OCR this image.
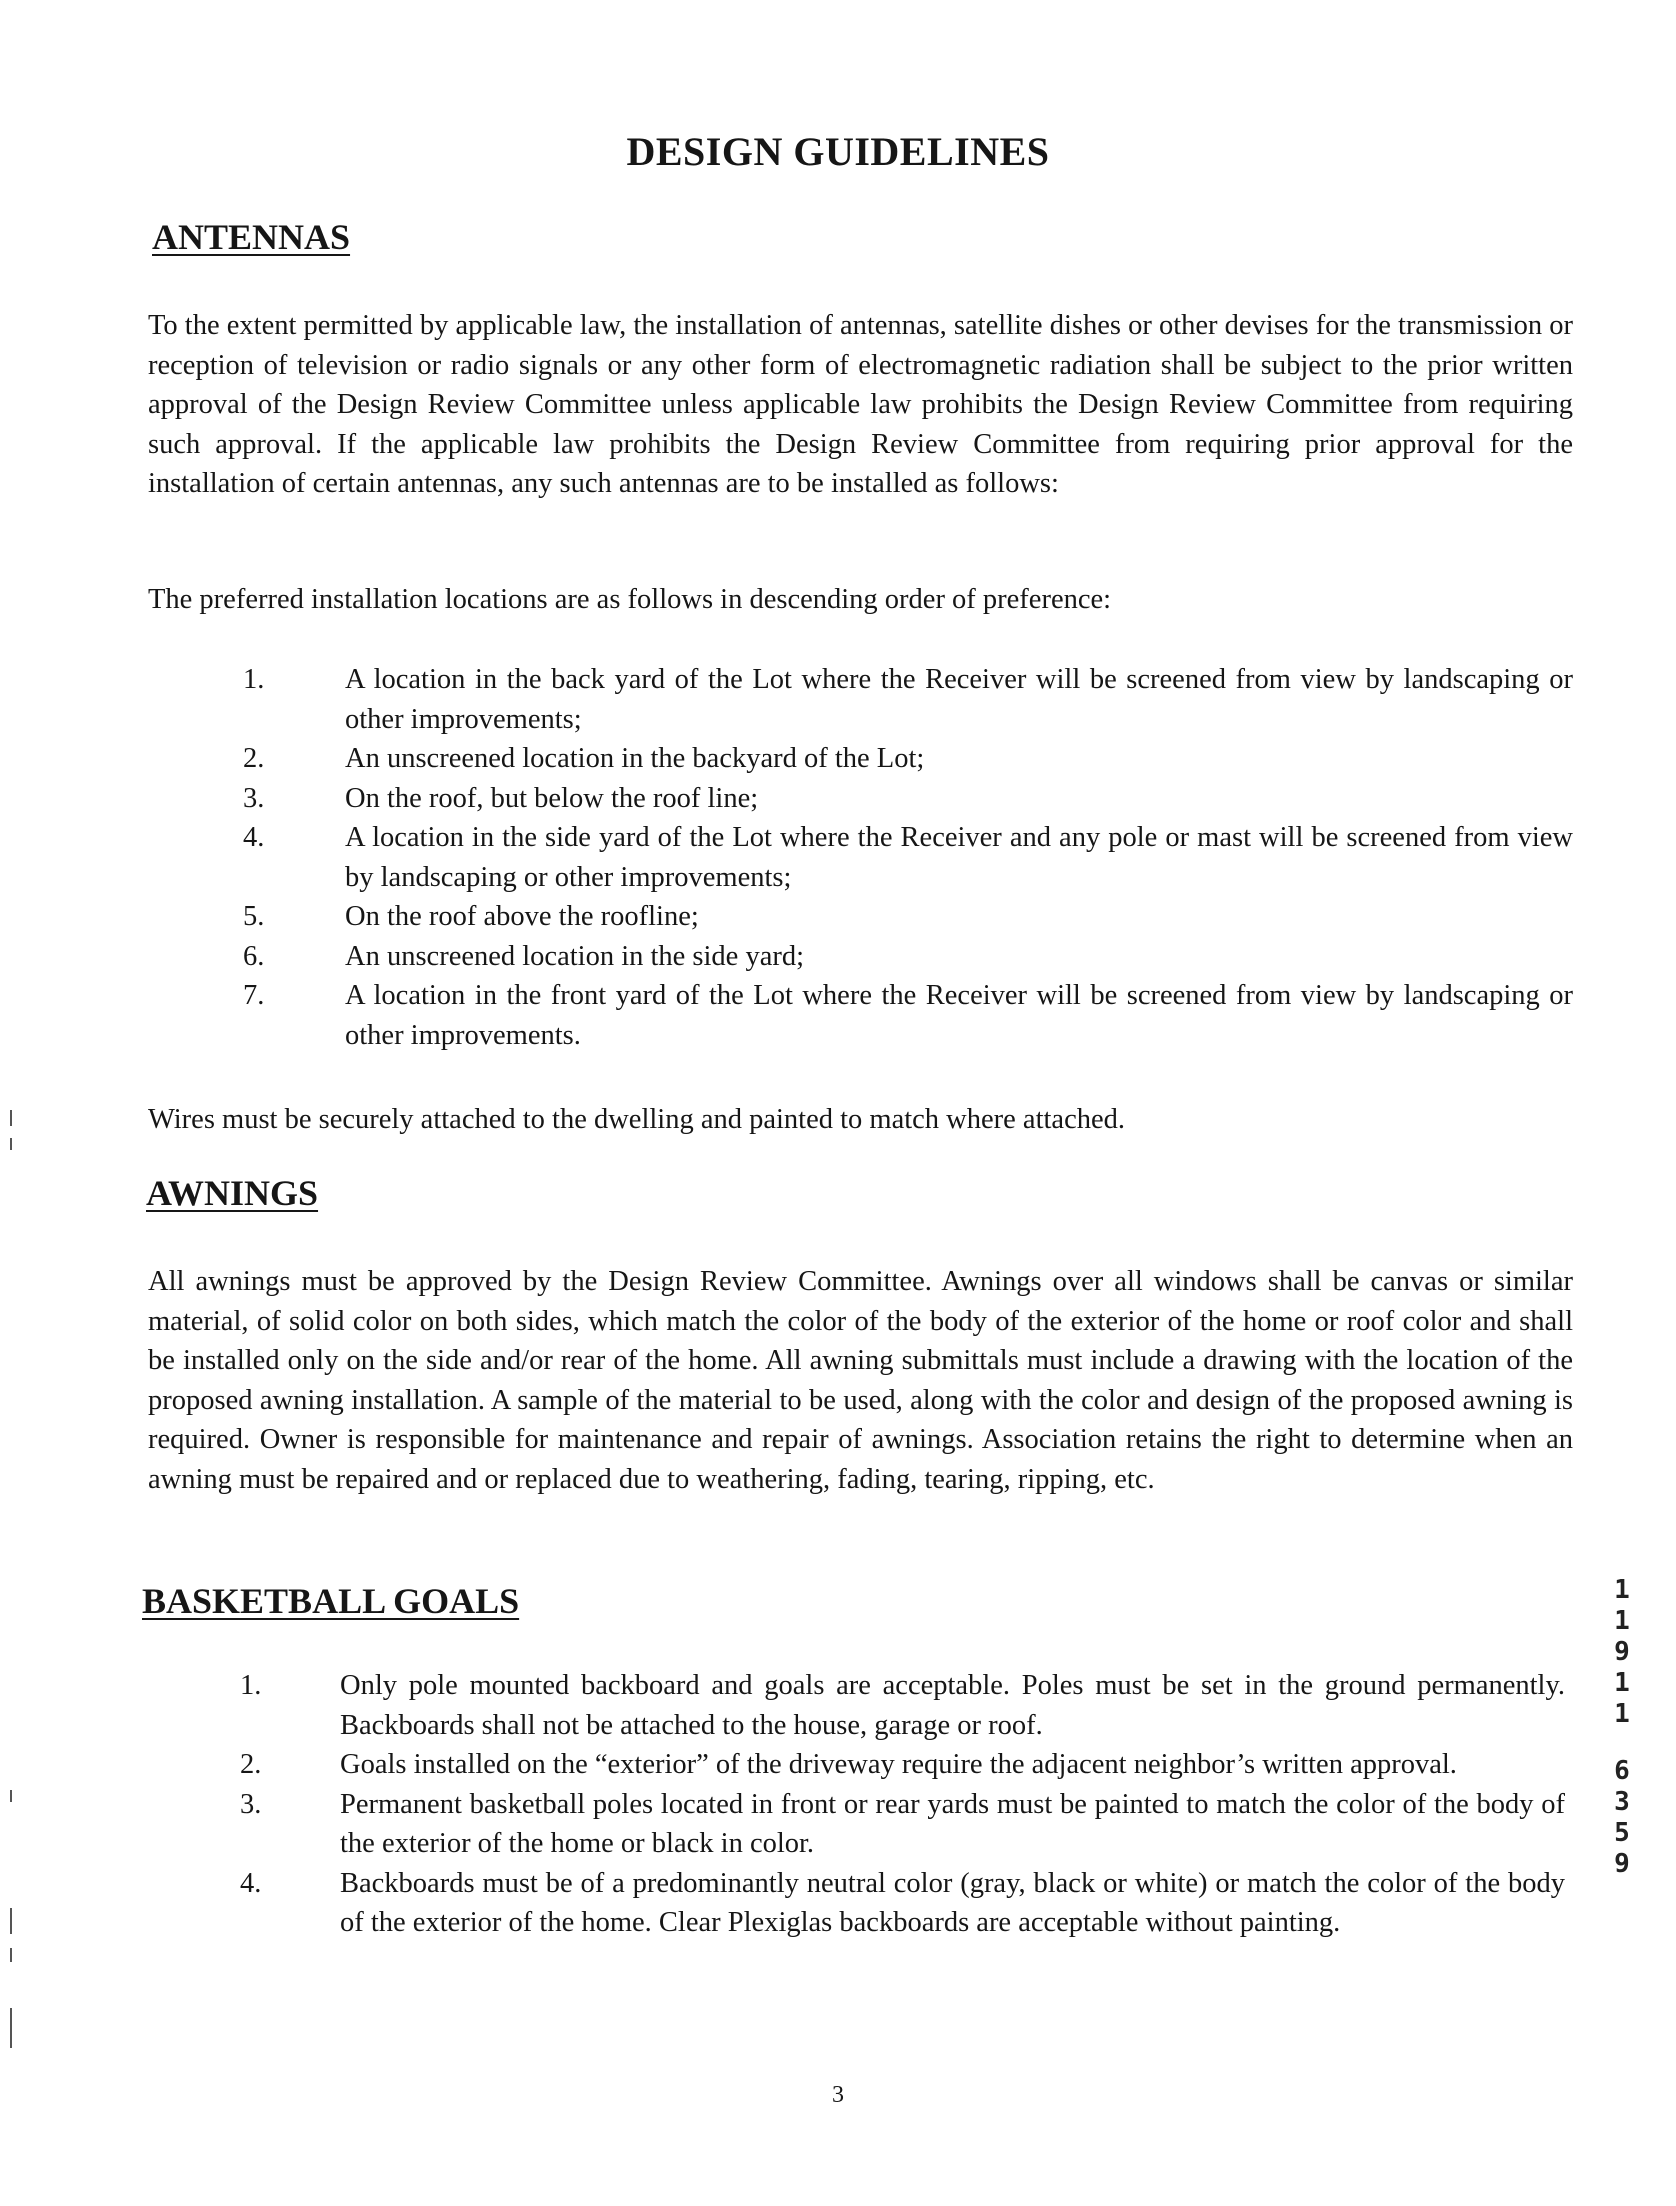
DESIGN GUIDELINES
ANTENNAS

To the extent permitted by applicable law, the installation of antennas, satellite dishes or other devises for the transmission or reception of television or radio signals or any other form of electromagnetic radiation shall be subject to the prior written approval of the Design Review Committee unless applicable law prohibits the Design Review Committee from requiring such approval. If the applicable law prohibits the Design Review Committee from requiring prior approval for the installation of certain antennas, any such antennas are to be installed as follows:

The preferred installation locations are as follows in descending order of preference:

1.	A location in the back yard of the Lot where the Receiver will be screened from view by landscaping or other improvements;
2.	An unscreened location in the backyard of the Lot;
3.	On the roof, but below the roof line;
4.	A location in the side yard of the Lot where the Receiver and any pole or mast will be screened from view by landscaping or other improvements;
5.	On the roof above the roofline;
6.	An unscreened location in the side yard;
7.	A location in the front yard of the Lot where the Receiver will be screened from view by landscaping or other improvements.

Wires must be securely attached to the dwelling and painted to match where attached.

AWNINGS

All awnings must be approved by the Design Review Committee. Awnings over all windows shall be canvas or similar material, of solid color on both sides, which match the color of the body of the exterior of the home or roof color and shall be installed only on the side and/or rear of the home. All awning submittals must include a drawing with the location of the proposed awning installation. A sample of the material to be used, along with the color and design of the proposed awning is required. Owner is responsible for maintenance and repair of awnings. Association retains the right to determine when an awning must be repaired and or replaced due to weathering, fading, tearing, ripping, etc.

BASKETBALL GOALS
1.	Only pole mounted backboard and goals are acceptable. Poles must be set in the ground permanently. Backboards shall not be attached to the house, garage or roof.
2.	Goals installed on the “exterior” of the driveway require the adjacent neighbor’s written approval.
3.	Permanent basketball poles located in front or rear yards must be painted to match the color of the body of the exterior of the home or black in color.
4.	Backboards must be of a predominantly neutral color (gray, black or white) or match the color of the body of the exterior of the home. Clear Plexiglas backboards are acceptable without painting.
1
1
9
1
1
6
3
5
9

3
